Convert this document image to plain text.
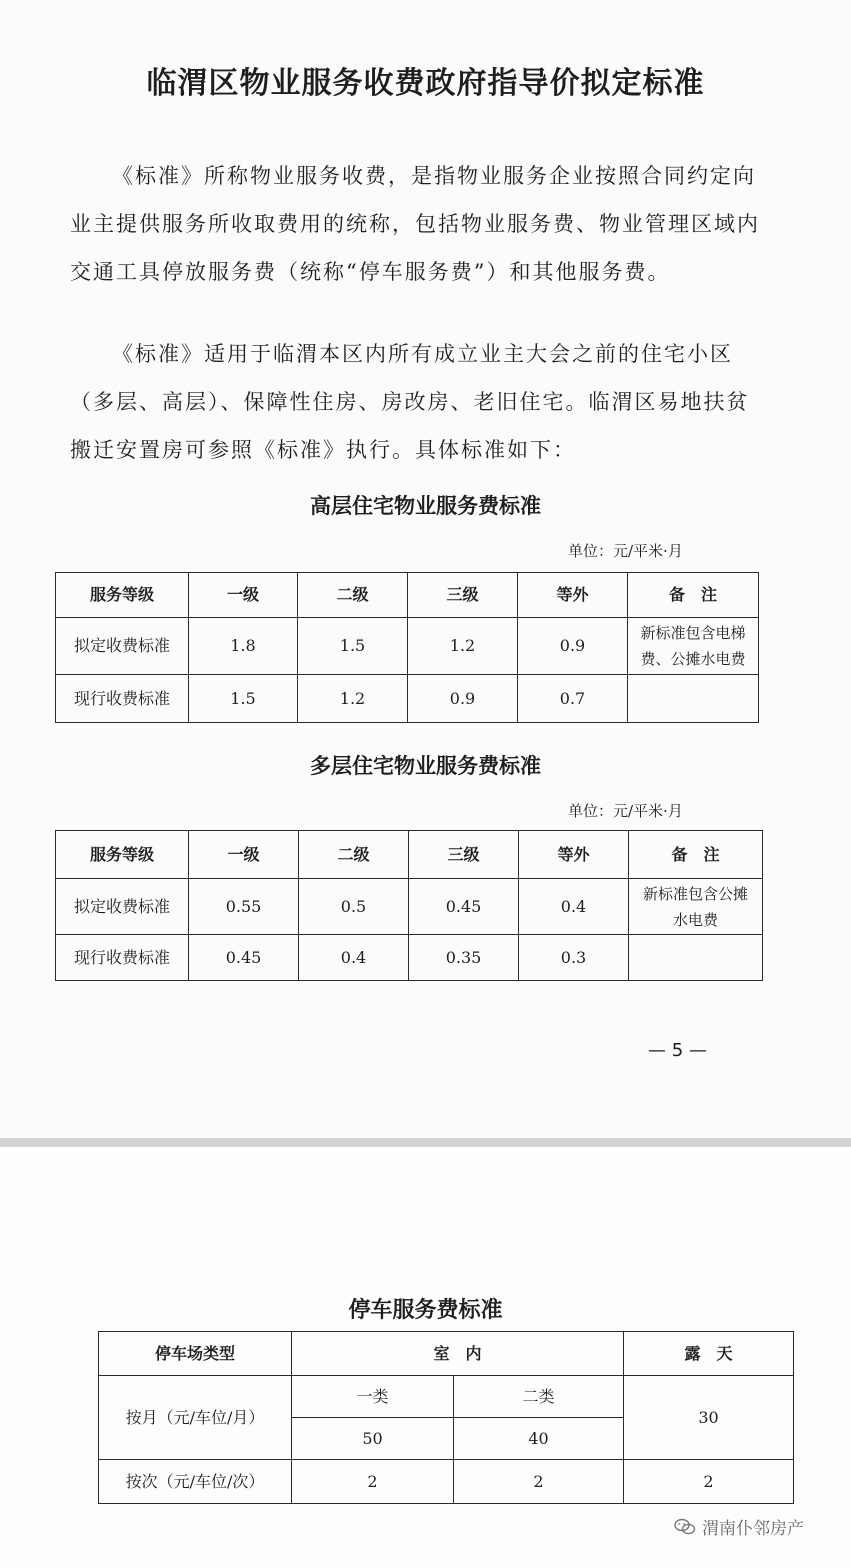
临渭区物业服务收费政府指导价拟定标准
《标准》所称物业服务收费，是指物业服务企业按照合同约定向业主提供服务所收取费用的统称，包括物业服务费、物业管理区域内交通工具停放服务费（统称“停车服务费”）和其他服务费。
《标准》适用于临渭本区内所有成立业主大会之前的住宅小区（多层、高层）、保障性住房、房改房、老旧住宅。临渭区易地扶贫搬迁安置房可参照《标准》执行。具体标准如下：
高层住宅物业服务费标准
单位：元/平米·月
服务等级	一级	二级	三级	等外	备　注
拟定收费标准	1.8	1.5	1.2	0.9	新标准包含电梯费、公摊水电费
现行收费标准	1.5	1.2	0.9	0.7	
多层住宅物业服务费标准
单位：元/平米·月
服务等级	一级	二级	三级	等外	备　注
拟定收费标准	0.55	0.5	0.45	0.4	新标准包含公摊水电费
现行收费标准	0.45	0.4	0.35	0.3	
— 5 —
停车服务费标准
停车场类型	室　内		露　天
按月（元/车位/月）	一类	二类	30
	50	40	
按次（元/车位/次）	2	2	2
渭南仆邻房产
